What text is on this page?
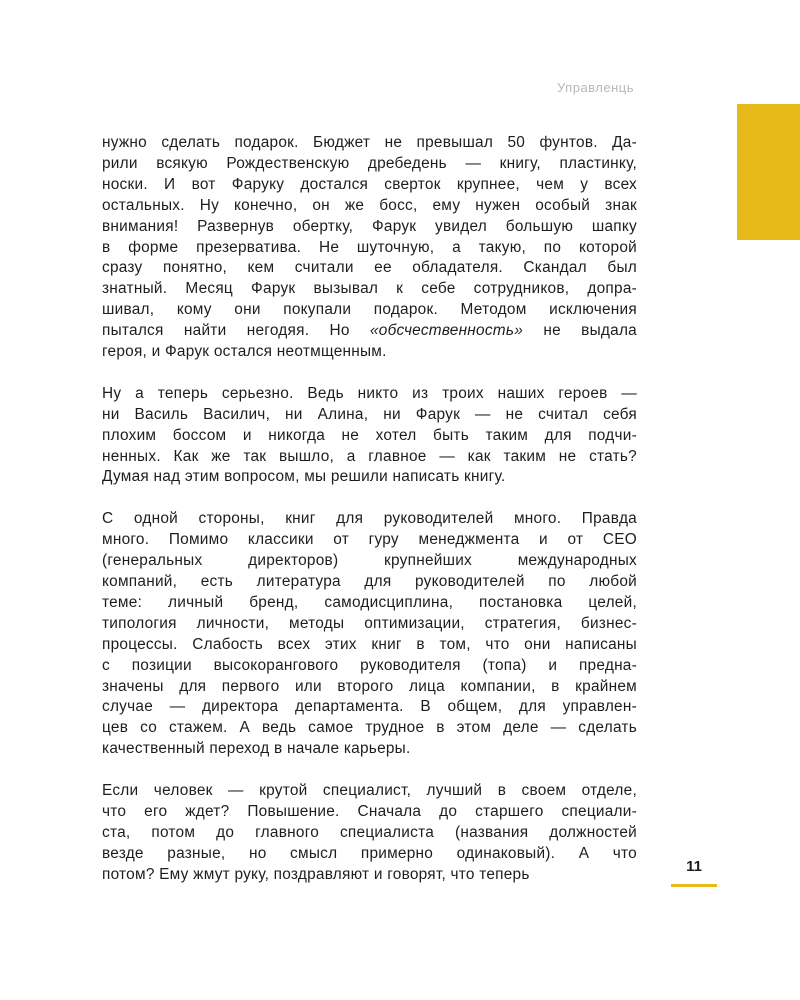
Управленць

нужно сделать подарок. Бюджет не превышал 50 фунтов. Да-
рили всякую Рождественскую дребедень — книгу, пластинку,
носки. И вот Фаруку достался сверток крупнее, чем у всех
остальных. Ну конечно, он же босс, ему нужен особый знак
внимания! Развернув обертку, Фарук увидел большую шапку
в форме презерватива. Не шуточную, а такую, по которой
сразу понятно, кем считали ее обладателя. Скандал был
знатный. Месяц Фарук вызывал к себе сотрудников, допра-
шивал, кому они покупали подарок. Методом исключения
пытался найти негодяя. Но «обсчественность» не выдала
героя, и Фарук остался неотмщенным.

Ну а теперь серьезно. Ведь никто из троих наших героев —
ни Василь Василич, ни Алина, ни Фарук — не считал себя
плохим боссом и никогда не хотел быть таким для подчи-
ненных. Как же так вышло, а главное — как таким не стать?
Думая над этим вопросом, мы решили написать книгу.

С одной стороны, книг для руководителей много. Правда
много. Помимо классики от гуру менеджмента и от CEO
(генеральных директоров) крупнейших международных
компаний, есть литература для руководителей по любой
теме: личный бренд, самодисциплина, постановка целей,
типология личности, методы оптимизации, стратегия, бизнес-
процессы. Слабость всех этих книг в том, что они написаны
с позиции высокорангового руководителя (топа) и предна-
значены для первого или второго лица компании, в крайнем
случае — директора департамента. В общем, для управлен-
цев со стажем. А ведь самое трудное в этом деле — сделать
качественный переход в начале карьеры.

Если человек — крутой специалист, лучший в своем отделе,
что его ждет? Повышение. Сначала до старшего специали-
ста, потом до главного специалиста (названия должностей
везде разные, но смысл примерно одинаковый). А что
потом? Ему жмут руку, поздравляют и говорят, что теперь	11
